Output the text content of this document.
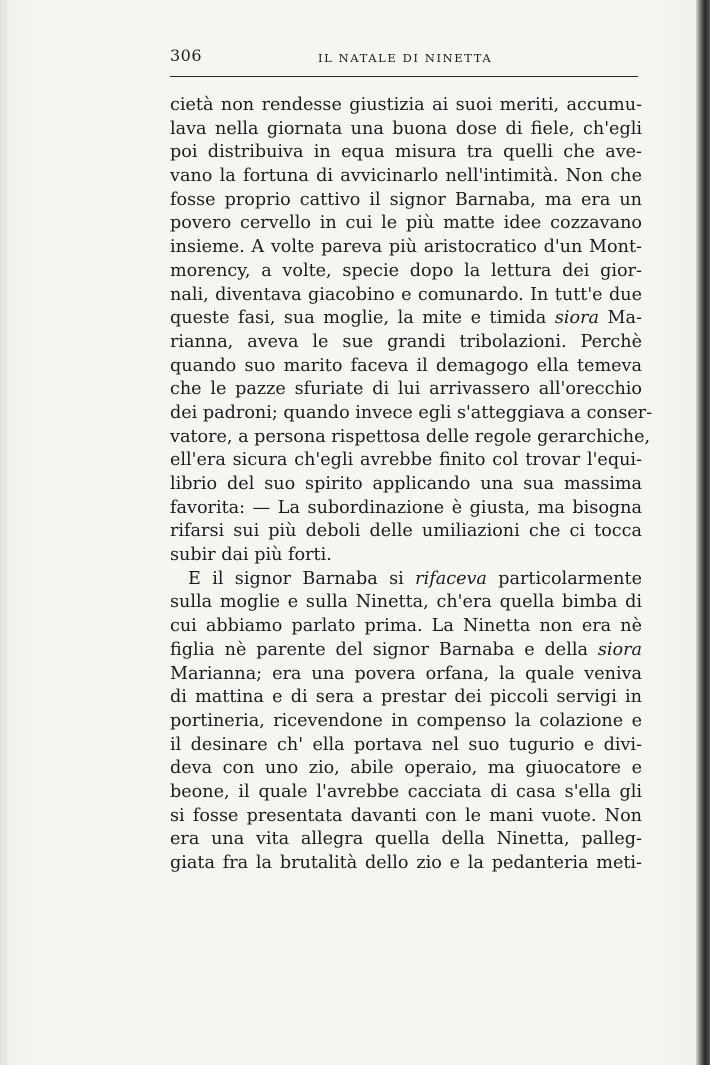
306	IL NATALE DI NINETTA
cietà non rendesse giustizia ai suoi meriti, accumu-
lava nella giornata una buona dose di fiele, ch'egli
poi distribuiva in equa misura tra quelli che ave-
vano la fortuna di avvicinarlo nell'intimità. Non che
fosse proprio cattivo il signor Barnaba, ma era un
povero cervello in cui le più matte idee cozzavano
insieme. A volte pareva più aristocratico d'un Mont-
morency, a volte, specie dopo la lettura dei gior-
nali, diventava giacobino e comunardo. In tutt'e due
queste fasi, sua moglie, la mite e timida siora Ma-
rianna, aveva le sue grandi tribolazioni. Perchè
quando suo marito faceva il demagogo ella temeva
che le pazze sfuriate di lui arrivassero all'orecchio
dei padroni; quando invece egli s'atteggiava a conser-
vatore, a persona rispettosa delle regole gerarchiche,
ell'era sicura ch'egli avrebbe finito col trovar l'equi-
librio del suo spirito applicando una sua massima
favorita: — La subordinazione è giusta, ma bisogna
rifarsi sui più deboli delle umiliazioni che ci tocca
subir dai più forti.
E il signor Barnaba si rifaceva particolarmente
sulla moglie e sulla Ninetta, ch'era quella bimba di
cui abbiamo parlato prima. La Ninetta non era nè
figlia nè parente del signor Barnaba e della siora
Marianna; era una povera orfana, la quale veniva
di mattina e di sera a prestar dei piccoli servigi in
portineria, ricevendone in compenso la colazione e
il desinare ch' ella portava nel suo tugurio e divi-
deva con uno zio, abile operaio, ma giuocatore e
beone, il quale l'avrebbe cacciata di casa s'ella gli
si fosse presentata davanti con le mani vuote. Non
era una vita allegra quella della Ninetta, palleg-
giata fra la brutalità dello zio e la pedanteria meti-
